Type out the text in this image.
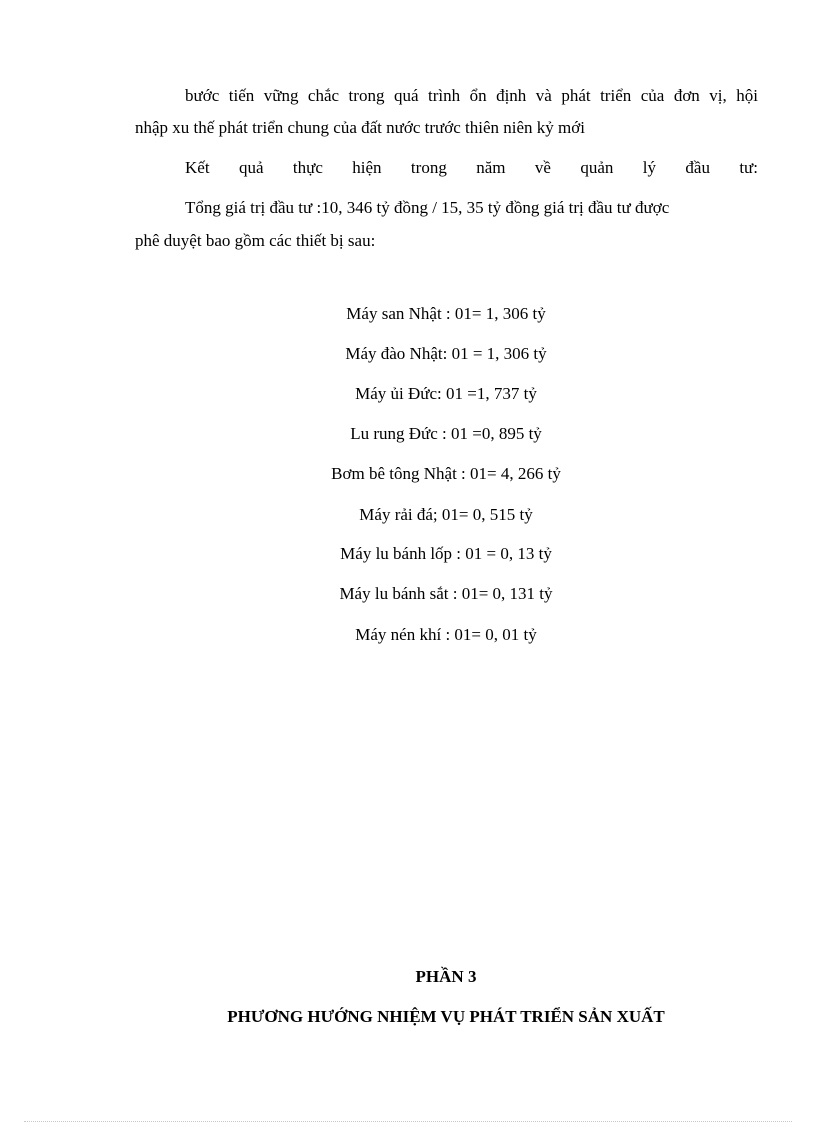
bước tiến vững chắc trong quá trình ổn định và phát triển của đơn vị, hội
nhập xu thế phát triển chung của đất nước trước thiên niên kỷ mới
Kết quả thực hiện trong năm về quản lý đầu tư:
Tổng giá trị đầu tư :10, 346 tỷ đồng / 15, 35 tỷ đồng giá trị đầu tư được
phê duyệt bao gồm các thiết bị sau:
Máy san Nhật : 01= 1, 306 tỷ
Máy đào Nhật: 01 = 1, 306 tỷ
Máy ủi Đức: 01 =1, 737 tỷ
Lu rung Đức : 01 =0, 895 tỷ
Bơm bê tông Nhật : 01= 4, 266 tỷ
Máy rải đá; 01= 0, 515 tỷ
Máy lu bánh lốp : 01 = 0, 13 tỷ
Máy lu bánh sắt : 01= 0, 131 tỷ
Máy nén khí : 01= 0, 01 tỷ
PHẦN 3
PHƯƠNG HƯỚNG NHIỆM VỤ PHÁT TRIỂN SẢN XUẤT
